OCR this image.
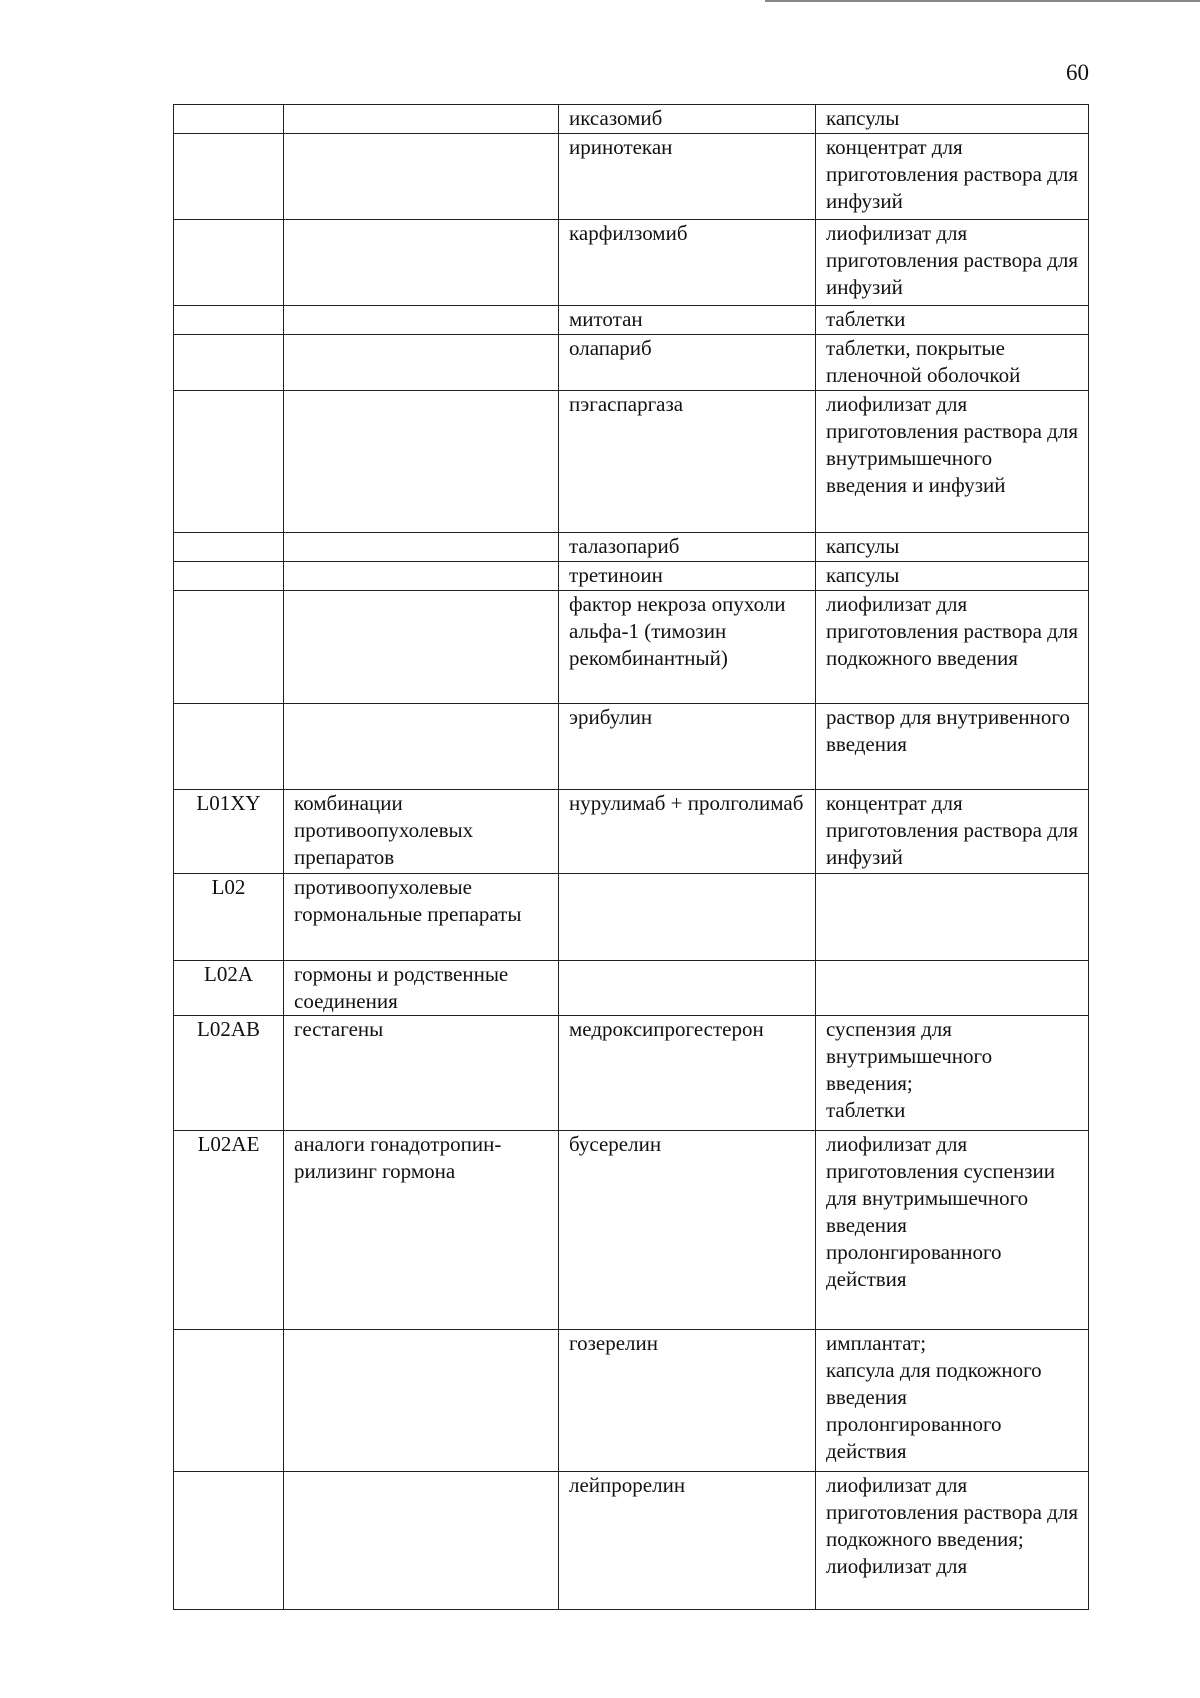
60
		иксазомиб	капсулы
		иринотекан	концентрат для приготовления раствора для инфузий
		карфилзомиб	лиофилизат для приготовления раствора для инфузий
		митотан	таблетки
		олапариб	таблетки, покрытые пленочной оболочкой
		пэгаспаргаза	лиофилизат для приготовления раствора для внутримышечного введения и инфузий
		талазопариб	капсулы
		третиноин	капсулы
		фактор некроза опухоли альфа-1 (тимозин рекомбинантный)	лиофилизат для приготовления раствора для подкожного введения
		эрибулин	раствор для внутривенного введения
L01XY	комбинации противоопухолевых препаратов	нурулимаб + пролголимаб	концентрат для приготовления раствора для инфузий
L02	противоопухолевые гормональные препараты		
L02A	гормоны и родственные соединения		
L02AB	гестагены	медроксипрогестерон	суспензия для внутримышечного введения;
таблетки
L02AE	аналоги гонадотропин-рилизинг гормона	бусерелин	лиофилизат для приготовления суспензии для внутримышечного введения пролонгированного действия
		гозерелин	имплантат;
капсула для подкожного введения пролонгированного действия
		лейпрорелин	лиофилизат для приготовления раствора для подкожного введения;
лиофилизат для
